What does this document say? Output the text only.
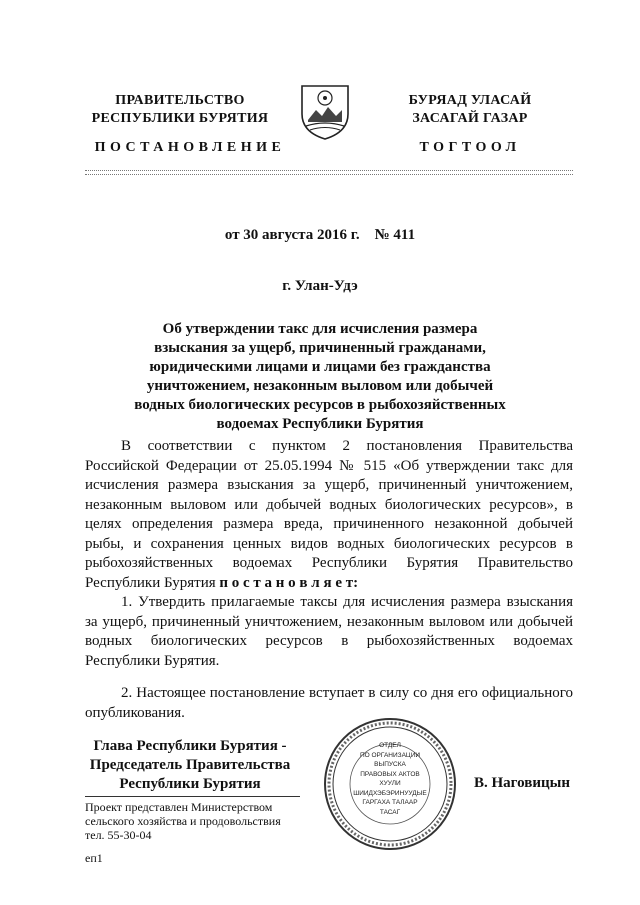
ПРАВИТЕЛЬСТВО
РЕСПУБЛИКИ БУРЯТИЯ
БУРЯАД УЛАСАЙ
ЗАСАГАЙ ГАЗАР
ПОСТАНОВЛЕНИЕ	ТОГТООЛ
от 30 августа 2016 г.    № 411
г. Улан-Удэ
Об утверждении такс для исчисления размера
взыскания за ущерб, причиненный гражданами,
юридическими лицами и лицами без гражданства
уничтожением, незаконным выловом или добычей
водных биологических ресурсов в рыбохозяйственных
водоемах Республики Бурятия

В соответствии с пунктом 2 постановления Правительства Российской Федерации от 25.05.1994 № 515 «Об утверждении такс для исчисления размера взыскания за ущерб, причиненный уничтожением, незаконным выловом или добычей водных биологических ресурсов», в целях определения размера вреда, причиненного незаконной добычей рыбы, и сохранения ценных видов водных биологических ресурсов в рыбохозяйственных водоемах Республики Бурятия Правительство Республики Бурятия п о с т а н о в л я е т:

1. Утвердить прилагаемые таксы для исчисления размера взыскания за ущерб, причиненный уничтожением, незаконным выловом или добычей водных биологических ресурсов в рыбохозяйственных водоемах Республики Бурятия.

2. Настоящее постановление вступает в силу со дня его официального опубликования.

Глава Республики Бурятия -
Председатель Правительства
Республики Бурятия
ОТДЕЛ
ПО ОРГАНИЗАЦИИ
ВЫПУСКА
ПРАВОВЫХ АКТОВ
ХУУЛИ
ШИИДХЭБЭРИНУУДЫЕ
ГАРГАХА ТАЛААР
ТАСАГ
В. Наговицын
Проект представлен Министерством
сельского хозяйства и продовольствия
тел. 55-30-04
еп1
